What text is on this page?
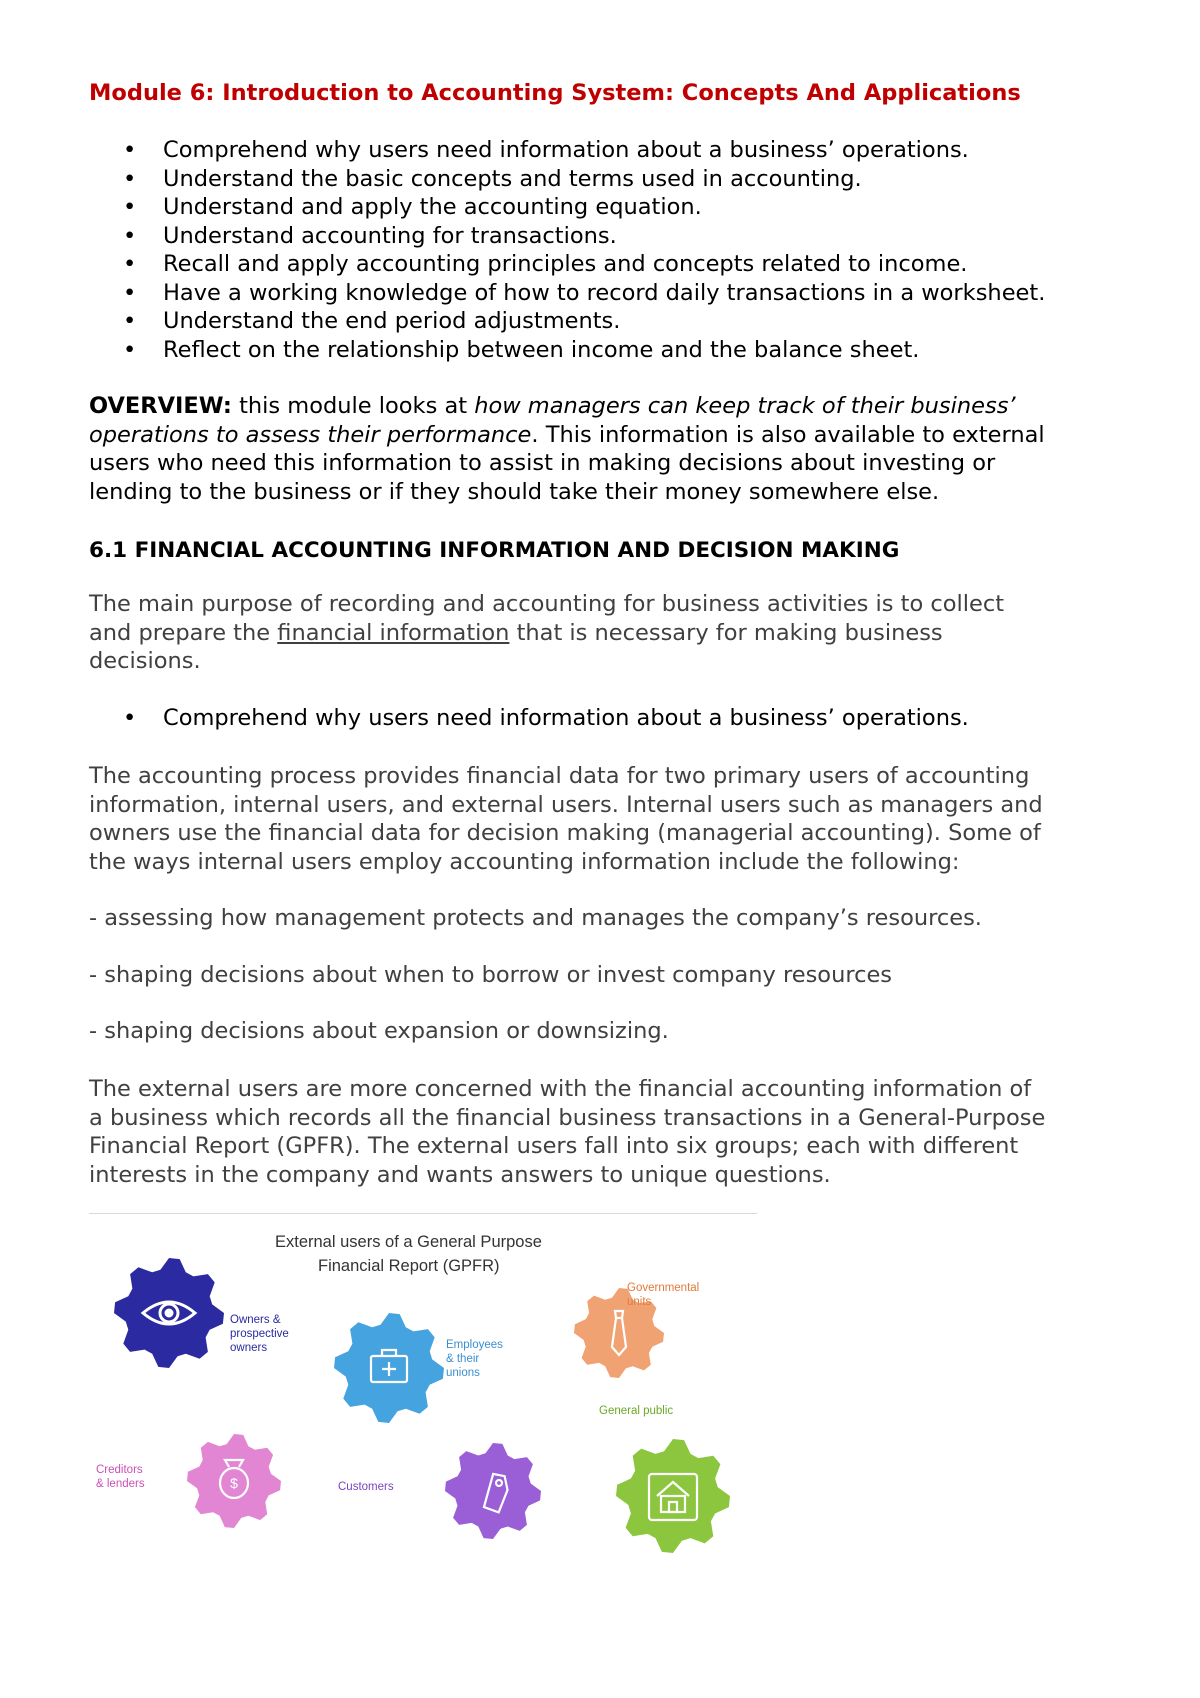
Module 6: Introduction to Accounting System: Concepts And Applications
• Comprehend why users need information about a business’ operations.
• Understand the basic concepts and terms used in accounting.
• Understand and apply the accounting equation.
• Understand accounting for transactions.
• Recall and apply accounting principles and concepts related to income.
• Have a working knowledge of how to record daily transactions in a worksheet.
• Understand the end period adjustments.
• Reflect on the relationship between income and the balance sheet.
OVERVIEW: this module looks at how managers can keep track of their business’
operations to assess their performance. This information is also available to external
users who need this information to assist in making decisions about investing or
lending to the business or if they should take their money somewhere else.
6.1 FINANCIAL ACCOUNTING INFORMATION AND DECISION MAKING
The main purpose of recording and accounting for business activities is to collect
and prepare the financial information that is necessary for making business
decisions.
• Comprehend why users need information about a business’ operations.
The accounting process provides financial data for two primary users of accounting
information, internal users, and external users. Internal users such as managers and
owners use the financial data for decision making (managerial accounting). Some of
the ways internal users employ accounting information include the following:
- assessing how management protects and manages the company’s resources.
- shaping decisions about when to borrow or invest company resources
- shaping decisions about expansion or downsizing.
The external users are more concerned with the financial accounting information of
a business which records all the financial business transactions in a General-Purpose
Financial Report (GPFR). The external users fall into six groups; each with different
interests in the company and wants answers to unique questions.
$
External users of a General Purpose
Financial Report (GPFR)
Owners &
prospective
owners	Employees
& their
unions
Governmental
units
General public
Creditors
& lenders	Customers
